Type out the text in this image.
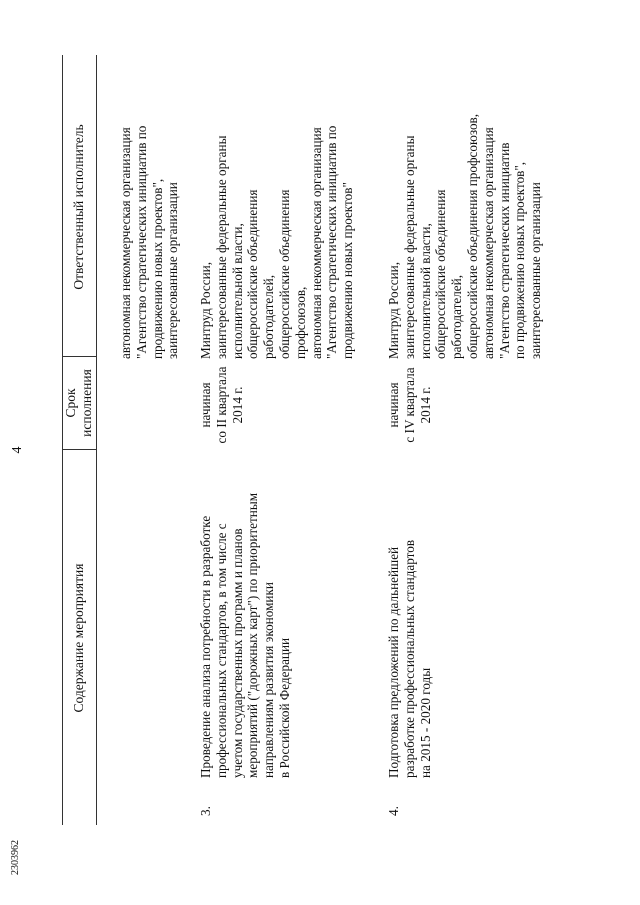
4
Содержание мероприятия
Срок исполнения
Ответственный исполнитель автономная некоммерческая организация "Агентство стратегических инициатив по продвижению новых проектов", заинтересованные организации
3.
Проведение анализа потребности в разработке профессиональных стандартов, в том числе с учетом государственных программ и планов мероприятий ("дорожных карт") по приоритетным направлениям развития экономики в Российской Федерации
начиная со II квартала 2014 г.
Минтруд России, заинтересованные федеральные органы исполнительной власти, общероссийские объединения работодателей, общероссийские объединения профсоюзов, автономная некоммерческая организация "Агентство стратегических инициатив по продвижению новых проектов"
4.
Подготовка предложений по дальнейшей разработке профессиональных стандартов на 2015 - 2020 годы
начиная с IV квартала 2014 г.
Минтруд России, заинтересованные федеральные органы исполнительной власти, общероссийские объединения работодателей, общероссийские объединения профсоюзов, автономная некоммерческая организация "Агентство стратегических инициатив по продвижению новых проектов", заинтересованные организации
2303962
